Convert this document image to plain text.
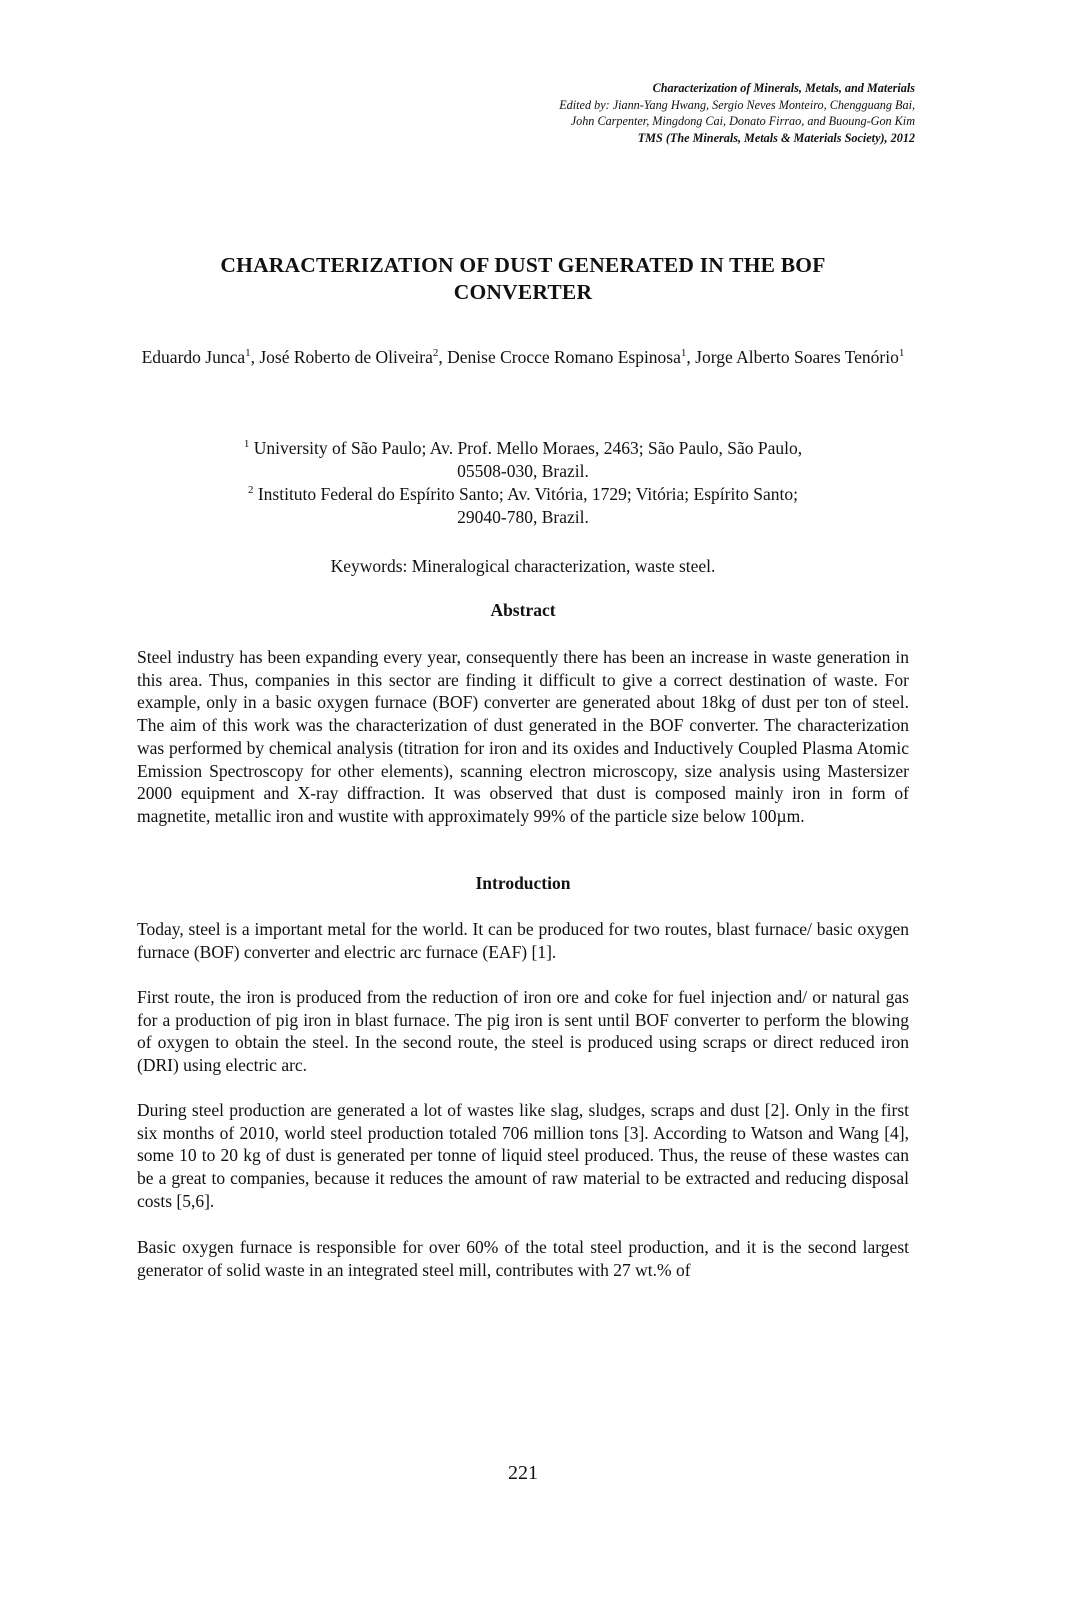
Characterization of Minerals, Metals, and Materials
Edited by: Jiann-Yang Hwang, Sergio Neves Monteiro, Chengguang Bai,
John Carpenter, Mingdong Cai, Donato Firrao, and Buoung-Gon Kim
TMS (The Minerals, Metals & Materials Society), 2012
CHARACTERIZATION OF DUST GENERATED IN THE BOF
CONVERTER
Eduardo Junca$^1$, José Roberto de Oliveira$^2$, Denise Crocce Romano Espinosa$^1$, Jorge Alberto Soares Tenório$^1$
$^1$ University of São Paulo; Av. Prof. Mello Moraes, 2463; São Paulo, São Paulo,
05508-030, Brazil.
$^2$ Instituto Federal do Espírito Santo; Av. Vitória, 1729; Vitória; Espírito Santo;
29040-780, Brazil.
Keywords: Mineralogical characterization, waste steel.
Abstract

Steel industry has been expanding every year, consequently there has been an increase in waste generation in this area. Thus, companies in this sector are finding it difficult to give a correct destination of waste. For example, only in a basic oxygen furnace (BOF) converter are generated about 18kg of dust per ton of steel. The aim of this work was the characterization of dust generated in the BOF converter. The characterization was performed by chemical analysis (titration for iron and its oxides and Inductively Coupled Plasma Atomic Emission Spectroscopy for other elements), scanning electron microscopy, size analysis using Mastersizer 2000 equipment and X-ray diffraction. It was observed that dust is composed mainly iron in form of magnetite, metallic iron and wustite with approximately 99% of the particle size below 100µm.

Introduction

Today, steel is a important metal for the world. It can be produced for two routes, blast furnace/ basic oxygen furnace (BOF) converter and electric arc furnace (EAF) [1].

First route, the iron is produced from the reduction of iron ore and coke for fuel injection and/ or natural gas for a production of pig iron in blast furnace. The pig iron is sent until BOF converter to perform the blowing of oxygen to obtain the steel. In the second route, the steel is produced using scraps or direct reduced iron (DRI) using electric arc.

During steel production are generated a lot of wastes like slag, sludges, scraps and dust [2]. Only in the first six months of 2010, world steel production totaled 706 million tons [3]. According to Watson and Wang [4], some 10 to 20 kg of dust is generated per tonne of liquid steel produced. Thus, the reuse of these wastes can be a great to companies, because it reduces the amount of raw material to be extracted and reducing disposal costs [5,6].

Basic oxygen furnace is responsible for over 60% of the total steel production, and it is the second largest generator of solid waste in an integrated steel mill, contributes with 27 wt.% of

221
